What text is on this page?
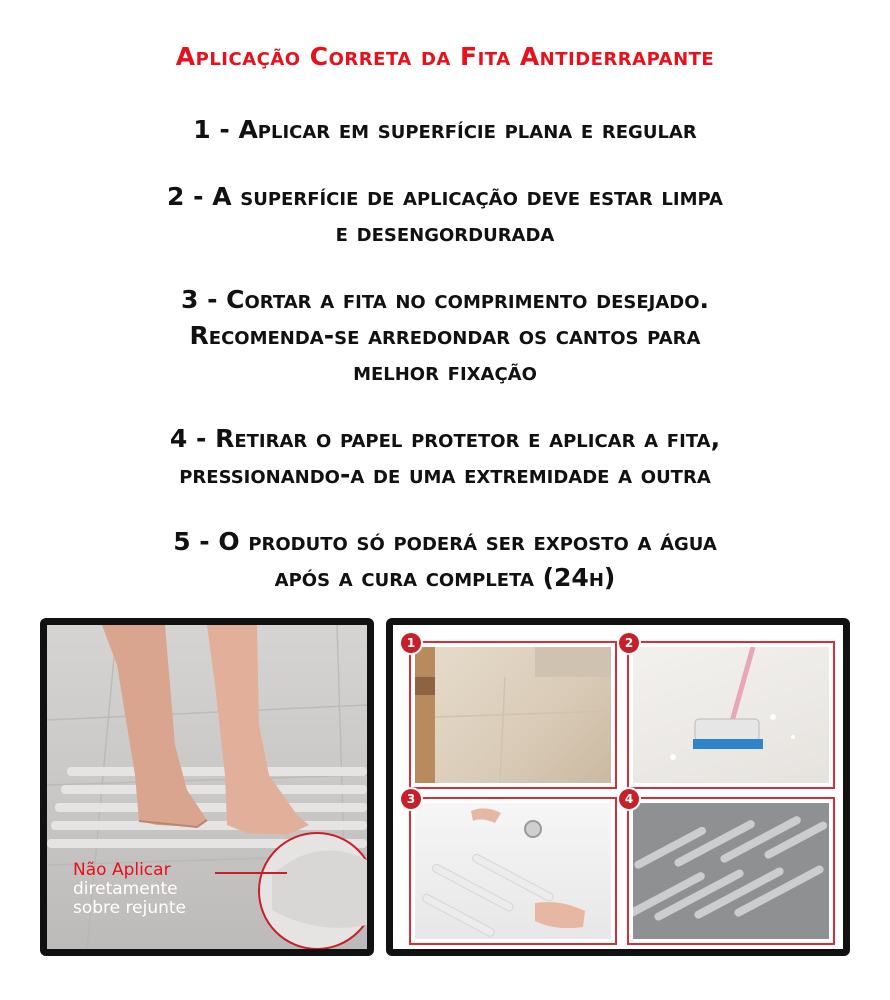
Aplicação Correta da Fita Antiderrapante

1 - Aplicar em superfície plana e regular

2 - A superfície de aplicação deve estar limpa
e desengordurada

3 - Cortar a fita no comprimento desejado.
Recomenda-se arredondar os cantos para
melhor fixação

4 - Retirar o papel protetor e aplicar a fita,
pressionando-a de uma extremidade a outra

5 - O produto só poderá ser exposto a água
após a cura completa (24h)

Não Aplicar
diretamente
sobre rejunte
1	2
3	4
